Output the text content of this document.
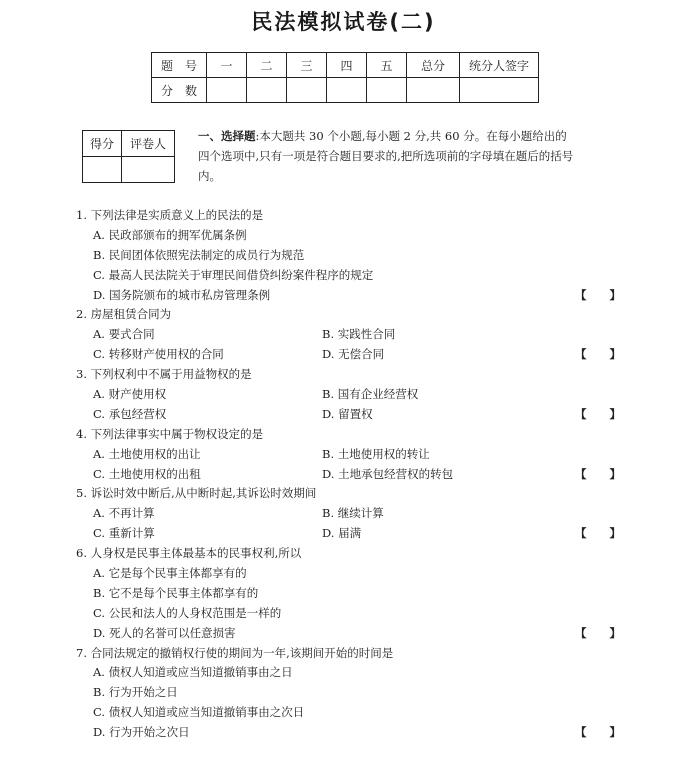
民法模拟试卷(二)
题　号	一	二	三	四	五	总分	统分人签字
分　数							
得分	评卷人

一、选择题:本大题共 30 个小题,每小题 2 分,共 60 分。在每小题给出的四个选项中,只有一项是符合题目要求的,把所选项前的字母填在题后的括号内。
1. 下列法律是实质意义上的民法的是
A. 民政部颁布的拥军优属条例
B. 民间团体依照宪法制定的成员行为规范
C. 最高人民法院关于审理民间借贷纠纷案件程序的规定
D. 国务院颁布的城市私房管理条例	【 】
2. 房屋租赁合同为
A. 要式合同	B. 实践性合同
C. 转移财产使用权的合同	D. 无偿合同	【 】
3. 下列权利中不属于用益物权的是
A. 财产使用权	B. 国有企业经营权
C. 承包经营权	D. 留置权	【 】
4. 下列法律事实中属于物权设定的是
A. 土地使用权的出让	B. 土地使用权的转让
C. 土地使用权的出租	D. 土地承包经营权的转包	【 】
5. 诉讼时效中断后,从中断时起,其诉讼时效期间
A. 不再计算	B. 继续计算
C. 重新计算	D. 届满	【 】
6. 人身权是民事主体最基本的民事权利,所以
A. 它是每个民事主体都享有的
B. 它不是每个民事主体都享有的
C. 公民和法人的人身权范围是一样的
D. 死人的名誉可以任意损害	【 】
7. 合同法规定的撤销权行使的期间为一年,该期间开始的时间是
A. 债权人知道或应当知道撤销事由之日
B. 行为开始之日
C. 债权人知道或应当知道撤销事由之次日
D. 行为开始之次日	【 】
